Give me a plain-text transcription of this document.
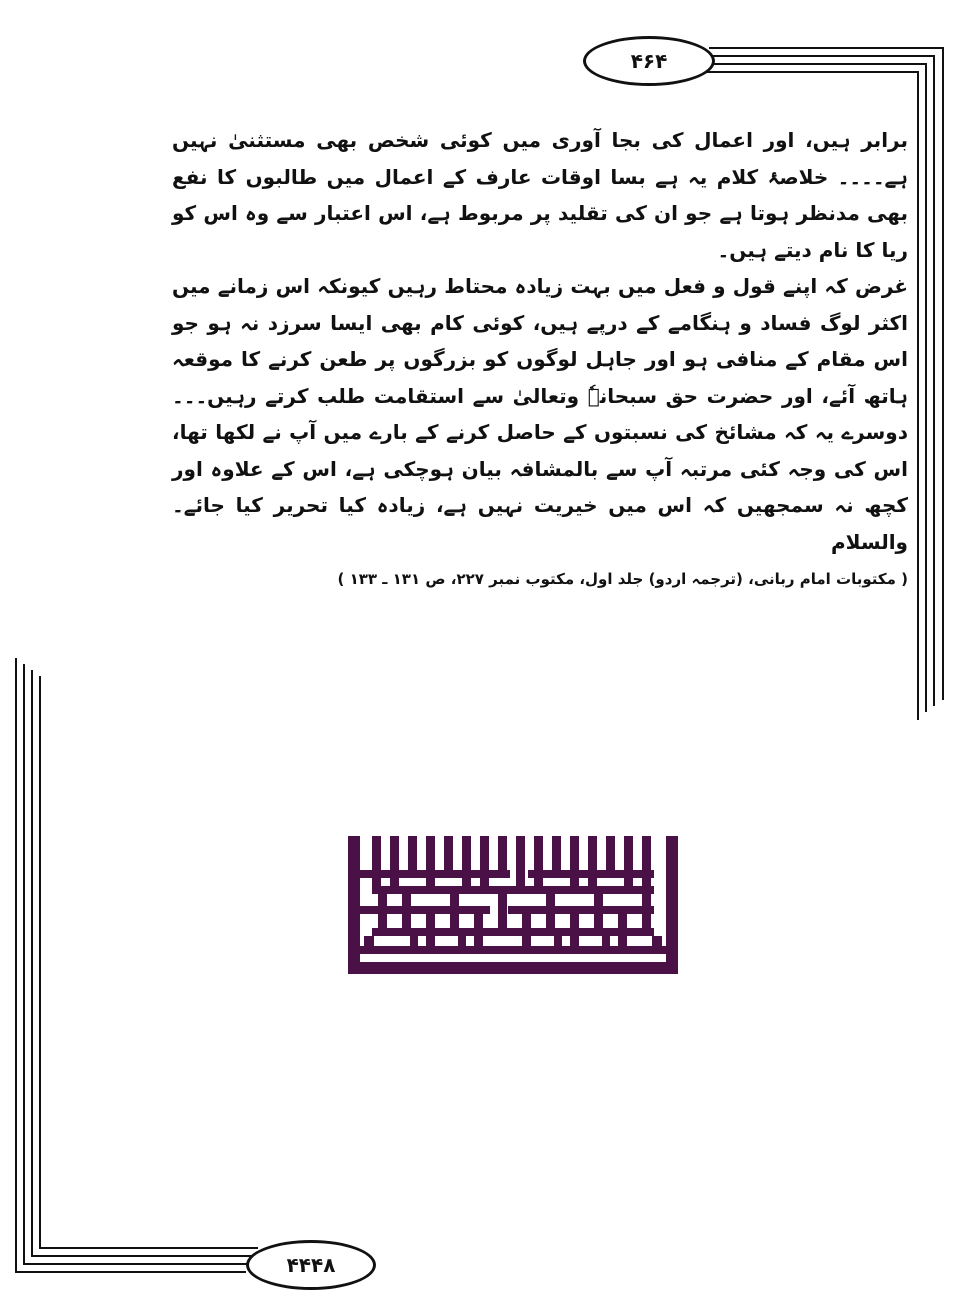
۴۶۴

برابر ہیں، اور اعمال کی بجا آوری میں کوئی شخص بھی مستثنیٰ نہیں ہے۔۔۔۔ خلاصۂ کلام یہ ہے بسا اوقات عارف کے اعمال میں طالبوں کا نفع بھی مدنظر ہوتا ہے جو ان کی تقلید پر مربوط ہے، اس اعتبار سے وہ اس کو ریا کا نام دیتے ہیں۔

غرض کہ اپنے قول و فعل میں بہت زیادہ محتاط رہیں کیونکہ اس زمانے میں اکثر لوگ فساد و ہنگامے کے درپے ہیں، کوئی کام بھی ایسا سرزد نہ ہو جو اس مقام کے منافی ہو اور جاہل لوگوں کو بزرگوں پر طعن کرنے کا موقعہ ہاتھ آئے، اور حضرت حق سبحانہٗ وتعالیٰ سے استقامت طلب کرتے رہیں۔۔۔ دوسرے یہ کہ مشائخ کی نسبتوں کے حاصل کرنے کے بارے میں آپ نے لکھا تھا، اس کی وجہ کئی مرتبہ آپ سے بالمشافہ بیان ہوچکی ہے، اس کے علاوہ اور کچھ نہ سمجھیں کہ اس میں خیریت نہیں ہے، زیادہ کیا تحریر کیا جائے۔ والسلام

( مکتوبات امام ربانی، (ترجمہ اردو) جلد اول، مکتوب نمبر ۲۲۷، ص ۱۳۱ ـ ۱۳۳ )

۴۴۴۸
